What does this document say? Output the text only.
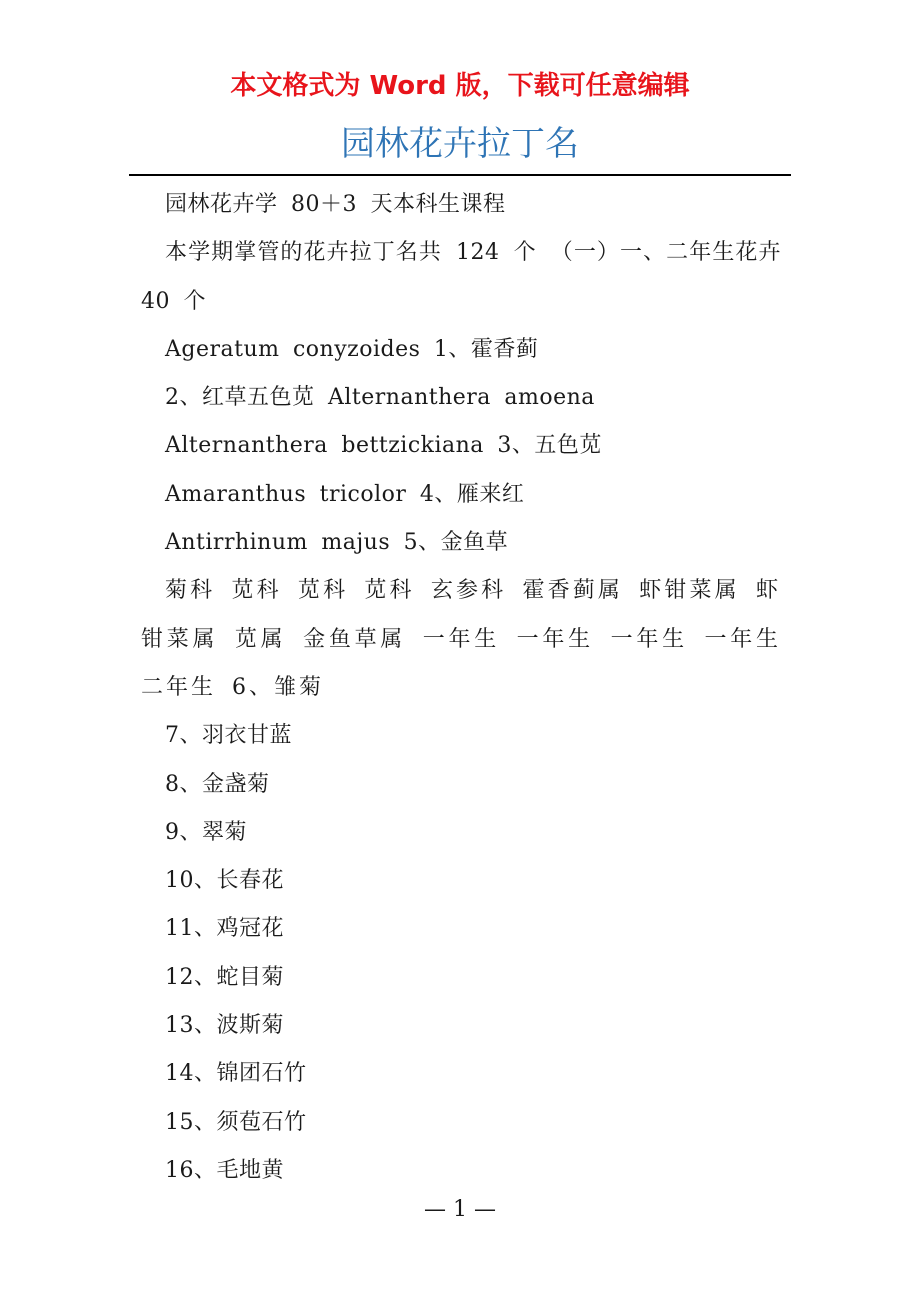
本文格式为 Word 版，下载可任意编辑

园林花卉拉丁名

园林花卉学 80＋3 天本科生课程

本学期掌管的花卉拉丁名共 124 个 （一）一、二年生花卉 40 个

Ageratum conyzoides 1、霍香蓟

2、红草五色苋 Alternanthera amoena

Alternanthera bettzickiana 3、五色苋

Amaranthus tricolor 4、雁来红

Antirrhinum majus 5、金鱼草

菊科 苋科 苋科 苋科 玄参科 霍香蓟属 虾钳菜属 虾钳菜属 苋属 金鱼草属 一年生 一年生 一年生 一年生 二年生 6、雏菊

7、羽衣甘蓝

8、金盏菊

9、翠菊

10、长春花

11、鸡冠花

12、蛇目菊

13、波斯菊

14、锦团石竹

15、须苞石竹

16、毛地黄

— 1 —
